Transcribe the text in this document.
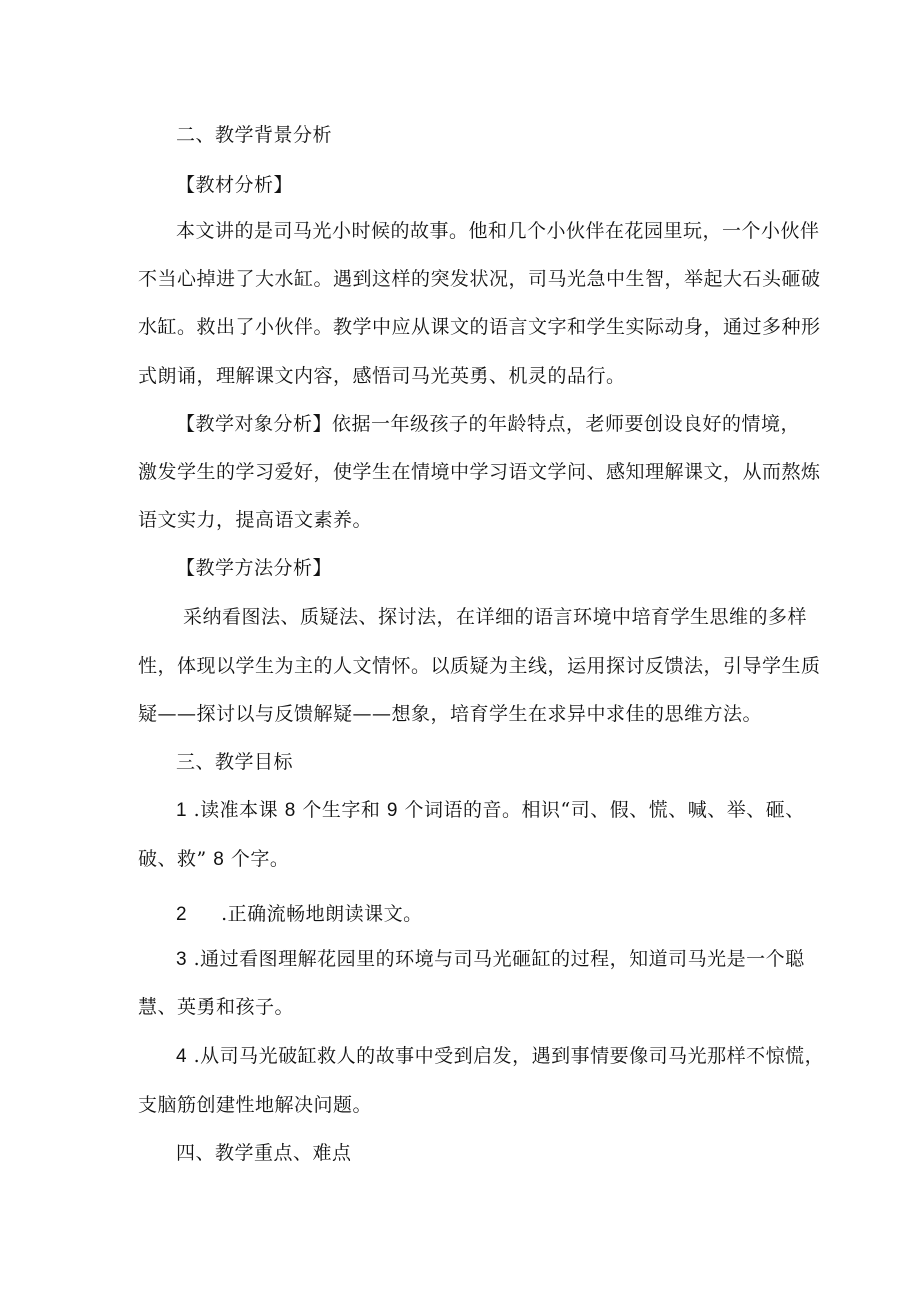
二、教学背景分析
【教材分析】
本文讲的是司马光小时候的故事。他和几个小伙伴在花园里玩，一个小伙伴
不当心掉进了大水缸。遇到这样的突发状况，司马光急中生智，举起大石头砸破
水缸。救出了小伙伴。教学中应从课文的语言文字和学生实际动身，通过多种形
式朗诵，理解课文内容，感悟司马光英勇、机灵的品行。
【教学对象分析】依据一年级孩子的年龄特点，老师要创设良好的情境，
激发学生的学习爱好，使学生在情境中学习语文学问、感知理解课文，从而熬炼
语文实力，提高语文素养。
【教学方法分析】
采纳看图法、质疑法、探讨法，在详细的语言环境中培育学生思维的多样
性，体现以学生为主的人文情怀。以质疑为主线，运用探讨反馈法，引导学生质
疑——探讨以与反馈解疑——想象，培育学生在求异中求佳的思维方法。
三、教学目标
1 .读准本课 8 个生字和 9 个词语的音。相识“司、假、慌、喊、举、砸、
破、救” 8 个字。
2 .正确流畅地朗读课文。
3 .通过看图理解花园里的环境与司马光砸缸的过程，知道司马光是一个聪
慧、英勇和孩子。
4 .从司马光破缸救人的故事中受到启发，遇到事情要像司马光那样不惊慌，
支脑筋创建性地解决问题。
四、教学重点、难点
